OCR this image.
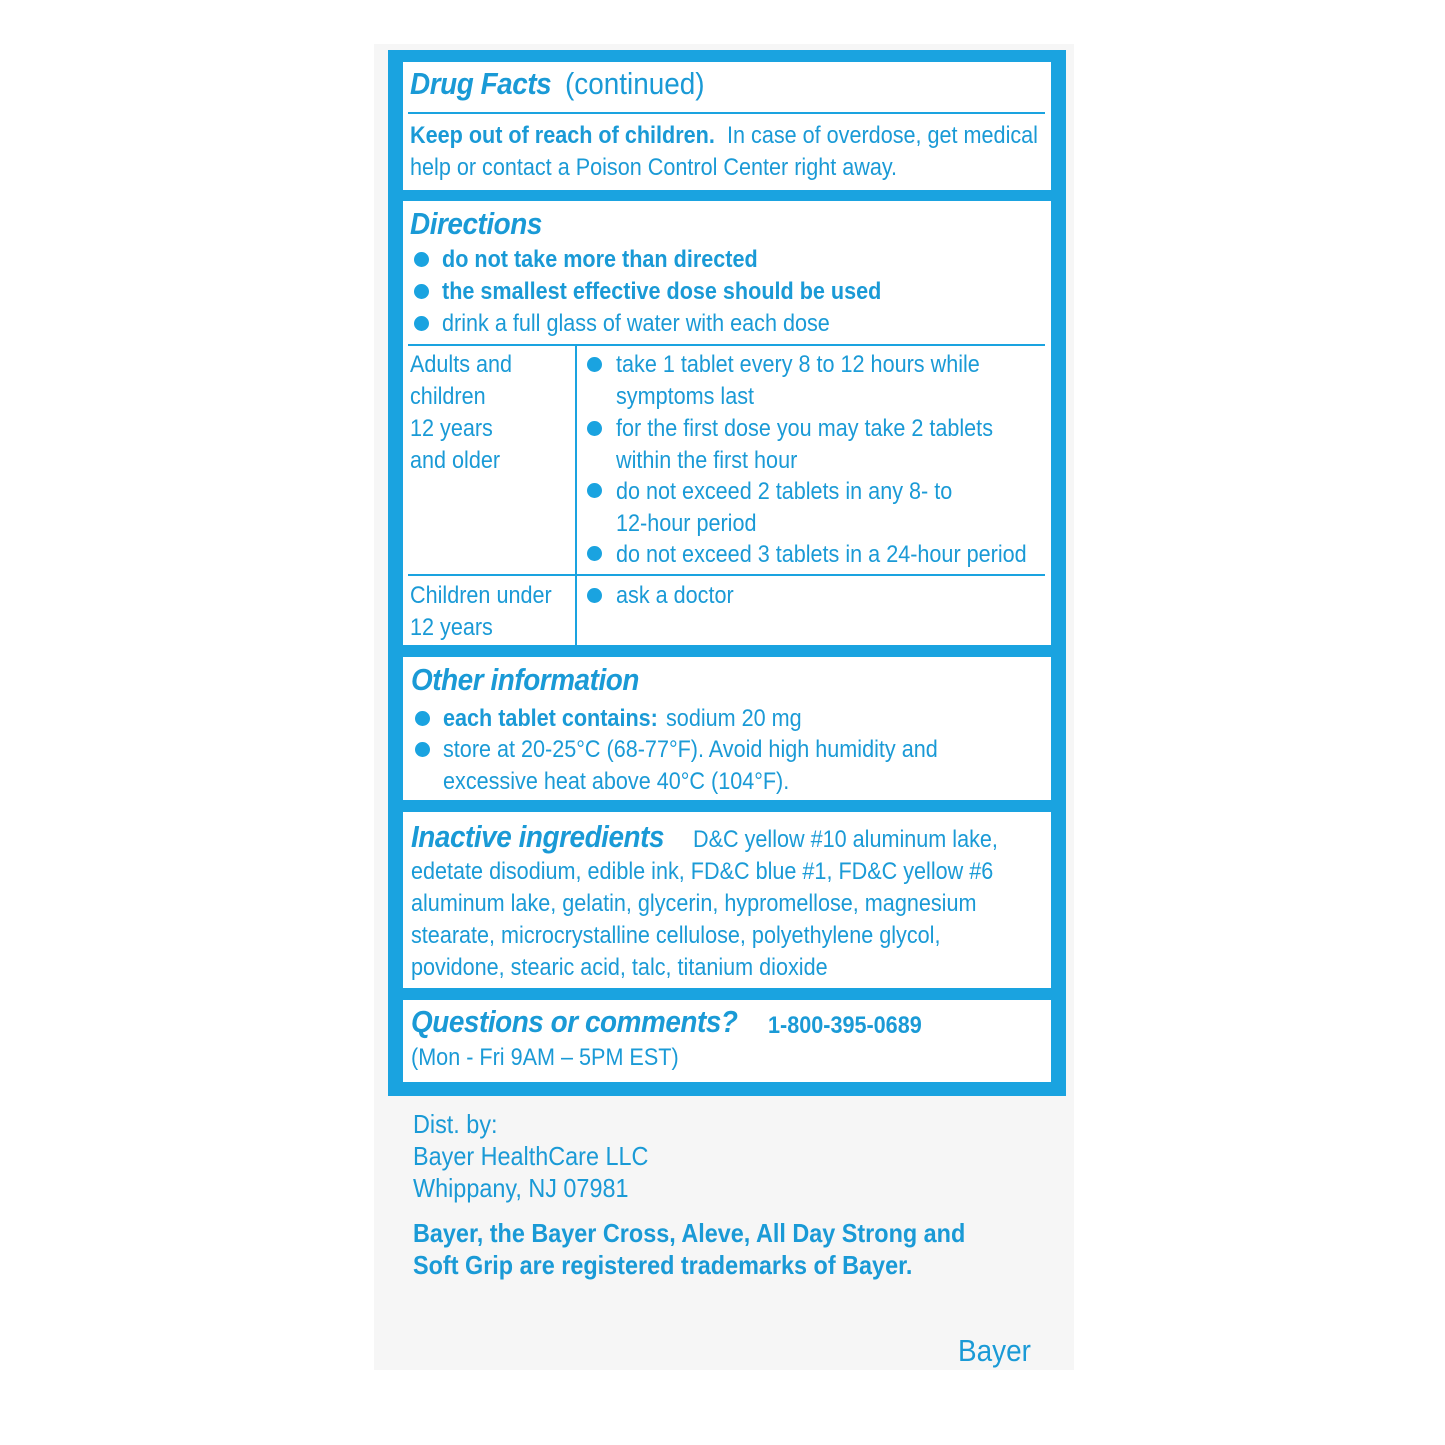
Drug Facts (continued)
Keep out of reach of children. In case of overdose, get medical
help or contact a Poison Control Center right away.
Directions
do not take more than directed
the smallest effective dose should be used
drink a full glass of water with each dose
Adults and
children
12 years
and older
take 1 tablet every 8 to 12 hours while
symptoms last
for the first dose you may take 2 tablets
within the first hour
do not exceed 2 tablets in any 8- to
12-hour period
do not exceed 3 tablets in a 24-hour period
Children under
12 years
ask a doctor
Other information
each tablet contains: sodium 20 mg
store at 20-25°C (68-77°F). Avoid high humidity and
excessive heat above 40°C (104°F).
Inactive ingredients D&C yellow #10 aluminum lake,
edetate disodium, edible ink, FD&C blue #1, FD&C yellow #6
aluminum lake, gelatin, glycerin, hypromellose, magnesium
stearate, microcrystalline cellulose, polyethylene glycol,
povidone, stearic acid, talc, titanium dioxide
Questions or comments? 1-800-395-0689
(Mon - Fri 9AM – 5PM EST)
Dist. by:
Bayer HealthCare LLC
Whippany, NJ 07981
Bayer, the Bayer Cross, Aleve, All Day Strong and
Soft Grip are registered trademarks of Bayer.
Bayer
